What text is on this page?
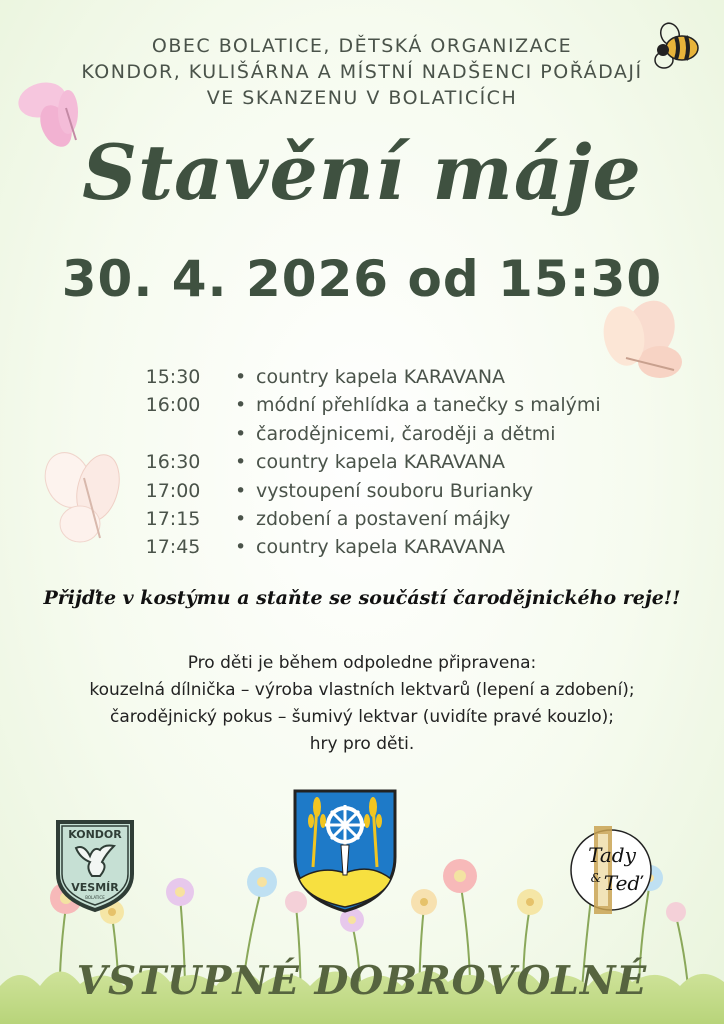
OBEC BOLATICE, DĚTSKÁ ORGANIZACE
KONDOR, KULIŠÁRNA A MÍSTNÍ NADŠENCI POŘÁDAJÍ
VE SKANZENU V BOLATICÍCH
Stavění máje
30. 4. 2026 od 15:30
15:30	• country kapela KARAVANA
16:00	• módní přehlídka a tanečky s malými
• čarodějnicemi, čaroději a dětmi
16:30	• country kapela KARAVANA
17:00	• vystoupení souboru Burianky
17:15	• zdobení a postavení májky
17:45	• country kapela KARAVANA
Přijďte v kostýmu a staňte se součástí čarodějnického reje!!
Pro děti je během odpoledne připravena:
kouzelná dílnička – výroba vlastních lektvarů (lepení a zdobení);
čarodějnický pokus – šumivý lektvar (uvidíte pravé kouzlo);
hry pro děti.
KONDOR
VESMÍR
BOLATICE
Tady
& Teď
VSTUPNÉ DOBROVOLNÉ
